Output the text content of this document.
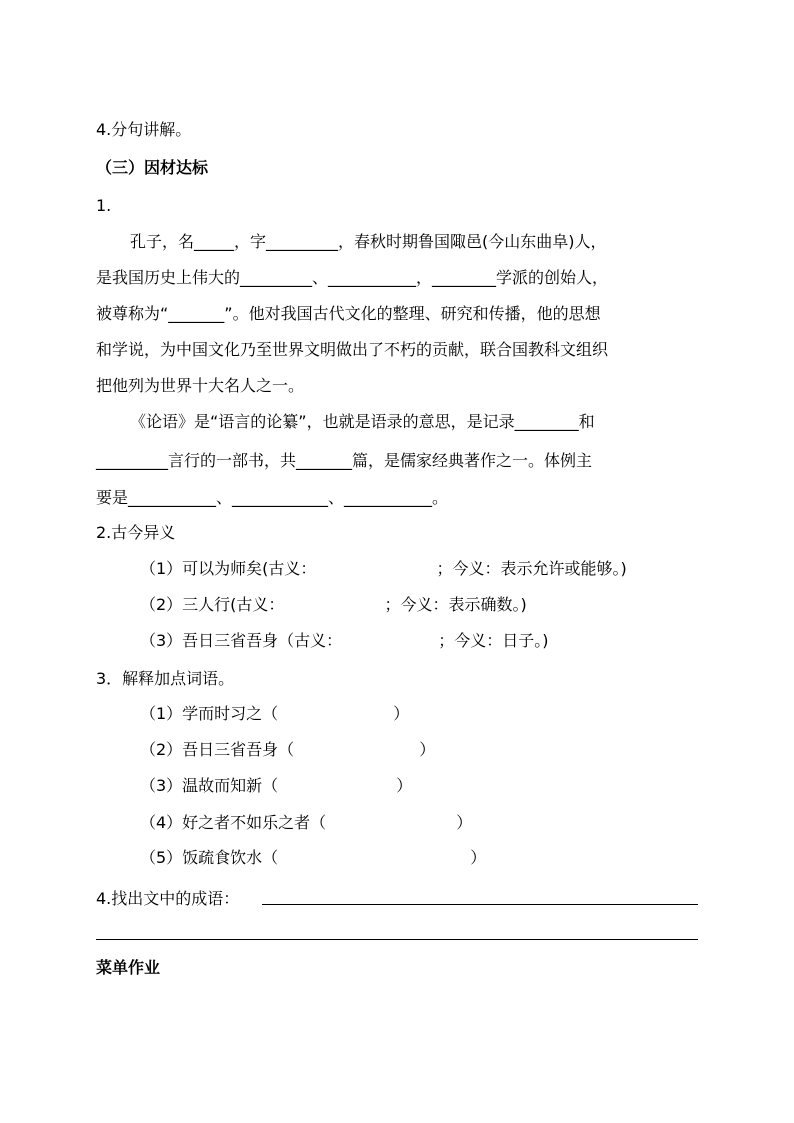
4.分句讲解。
（三）因材达标
1.
孔子，名_____，字_________，春秋时期鲁国陬邑(今山东曲阜)人，
是我国历史上伟大的_________、___________，________学派的创始人，
被尊称为“_______”。他对我国古代文化的整理、研究和传播，他的思想
和学说，为中国文化乃至世界文明做出了不朽的贡献，联合国教科文组织
把他列为世界十大名人之一。
《论语》是“语言的论纂”，也就是语录的意思，是记录________和
_________言行的一部书，共_______篇，是儒家经典著作之一。体例主
要是___________、____________、___________。
2.古今异义
（1）可以为师矣(古义：	；今义：表示允许或能够。)
（2）三人行(古义：	；今义：表示确数。)
（3）吾日三省吾身（古义：	；今义：日子。)
3．解释加点词语。
（1）学而时习之（	）
（2）吾日三省吾身（	）
（3）温故而知新（	）
（4）好之者不如乐之者（	）
（5）饭疏食饮水（	）
4.找出文中的成语：
菜单作业
